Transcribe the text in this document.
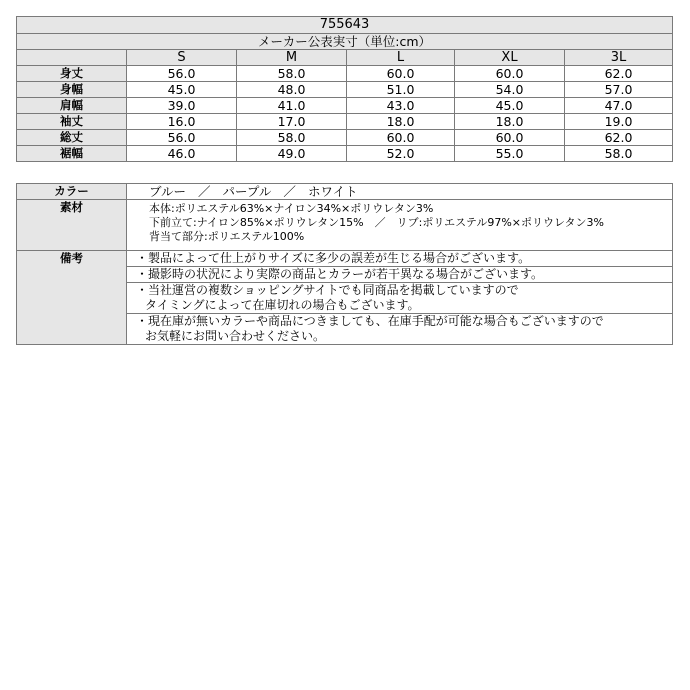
755643					
メーカー公表実寸（単位:cm）					
	S	M	L	XL	3L
身丈	56.0	58.0	60.0	60.0	62.0
身幅	45.0	48.0	51.0	54.0	57.0
肩幅	39.0	41.0	43.0	45.0	47.0
袖丈	16.0	17.0	18.0	18.0	19.0
総丈	56.0	58.0	60.0	60.0	62.0
裾幅	46.0	49.0	52.0	55.0	58.0
カラー	ブルー ／ パープル ／ ホワイト
素材	本体:ポリエステル63%×ナイロン34%×ポリウレタン3%
下前立て:ナイロン85%×ポリウレタン15%　／　リブ:ポリエステル97%×ポリウレタン3%
背当て部分:ポリエステル100%

備考	・製品によって仕上がりサイズに多少の誤差が生じる場合がございます。

	・撮影時の状況により実際の商品とカラーが若干異なる場合がございます。

	・当社運営の複数ショッピングサイトでも同商品を掲載していますので
タイミングによって在庫切れの場合もございます。

	・現在庫が無いカラーや商品につきましても、在庫手配が可能な場合もございますので
お気軽にお問い合わせください。
